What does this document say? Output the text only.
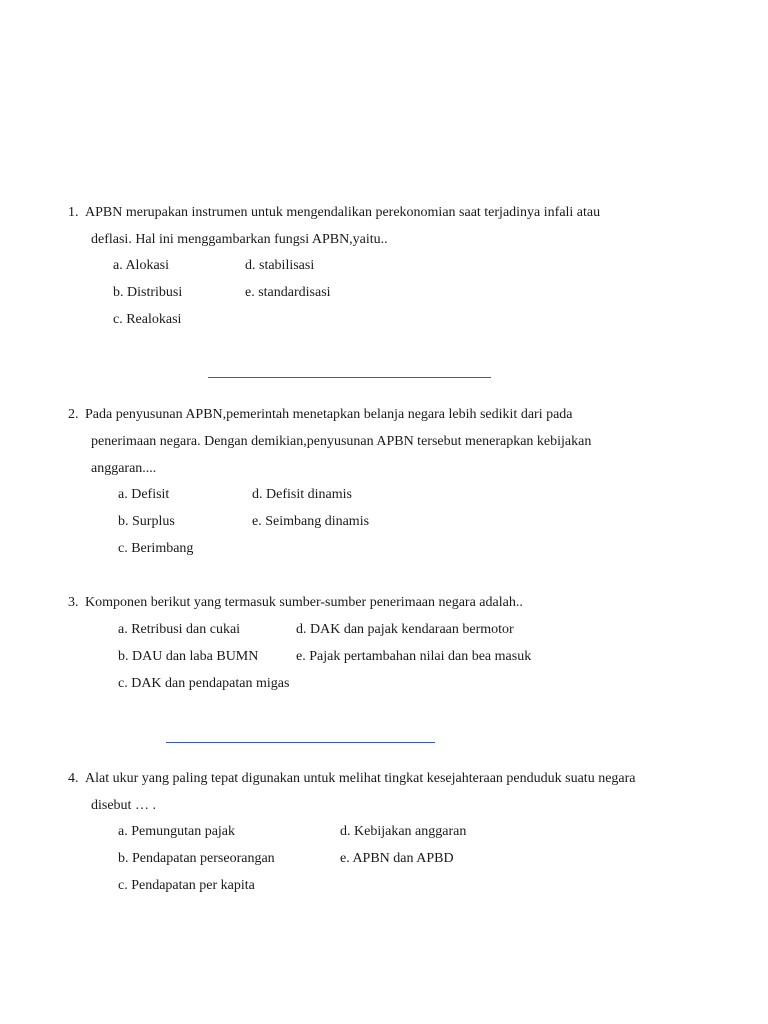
1. APBN merupakan instrumen untuk mengendalikan perekonomian saat terjadinya infali atau
deflasi. Hal ini menggambarkan fungsi APBN,yaitu..
a. Alokasi	d. stabilisasi
b. Distribusi	e. standardisasi
c. Realokasi
2. Pada penyusunan APBN,pemerintah menetapkan belanja negara lebih sedikit dari pada
penerimaan negara. Dengan demikian,penyusunan APBN tersebut menerapkan kebijakan
anggaran....
a. Defisit	d. Defisit dinamis
b. Surplus	e. Seimbang dinamis
c. Berimbang
3. Komponen berikut yang termasuk sumber-sumber penerimaan negara adalah..
a. Retribusi dan cukai	d. DAK dan pajak kendaraan bermotor
b. DAU dan laba BUMN	e. Pajak pertambahan nilai dan bea masuk
c. DAK dan pendapatan migas
4. Alat ukur yang paling tepat digunakan untuk melihat tingkat kesejahteraan penduduk suatu negara
disebut … .
a. Pemungutan pajak	d. Kebijakan anggaran
b. Pendapatan perseorangan	e. APBN dan APBD
c. Pendapatan per kapita
